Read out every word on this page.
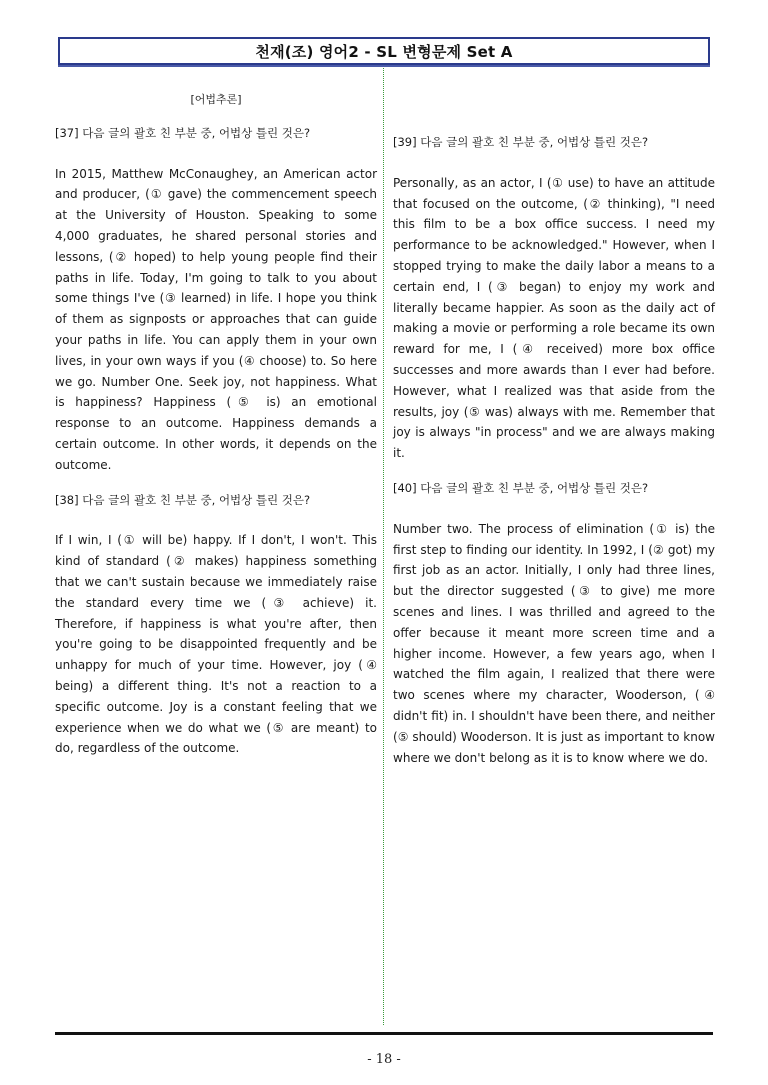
천재(조) 영어2 - SL 변형문제 Set A
[어법추론]
[37] 다음 글의 괄호 친 부분 중, 어법상 틀린 것은?
In 2015, Matthew McConaughey, an American actor and producer, (① gave) the commencement speech at the University of Houston. Speaking to some 4,000 graduates, he shared personal stories and lessons, (② hoped) to help young people find their paths in life. Today, I'm going to talk to you about some things I've (③ learned) in life. I hope you think of them as signposts or approaches that can guide your paths in life. You can apply them in your own lives, in your own ways if you (④ choose) to. So here we go. Number One. Seek joy, not happiness. What is happiness? Happiness (⑤ is) an emotional response to an outcome. Happiness demands a certain outcome. In other words, it depends on the outcome.
[38] 다음 글의 괄호 친 부분 중, 어법상 틀린 것은?
If I win, I (① will be) happy. If I don't, I won't. This kind of standard (② makes) happiness something that we can't sustain because we immediately raise the standard every time we (③ achieve) it. Therefore, if happiness is what you're after, then you're going to be disappointed frequently and be unhappy for much of your time. However, joy (④ being) a different thing. It's not a reaction to a specific outcome. Joy is a constant feeling that we experience when we do what we (⑤ are meant) to do, regardless of the outcome.
[39] 다음 글의 괄호 친 부분 중, 어법상 틀린 것은?
Personally, as an actor, I (① use) to have an attitude that focused on the outcome, (② thinking), "I need this film to be a box office success. I need my performance to be acknowledged." However, when I stopped trying to make the daily labor a means to a certain end, I (③ began) to enjoy my work and literally became happier. As soon as the daily act of making a movie or performing a role became its own reward for me, I (④ received) more box office successes and more awards than I ever had before. However, what I realized was that aside from the results, joy (⑤ was) always with me. Remember that joy is always "in process" and we are always making it.
[40] 다음 글의 괄호 친 부분 중, 어법상 틀린 것은?
Number two. The process of elimination (① is) the first step to finding our identity. In 1992, I (② got) my first job as an actor. Initially, I only had three lines, but the director suggested (③ to give) me more scenes and lines. I was thrilled and agreed to the offer because it meant more screen time and a higher income. However, a few years ago, when I watched the film again, I realized that there were two scenes where my character, Wooderson, (④ didn't fit) in. I shouldn't have been there, and neither (⑤ should) Wooderson. It is just as important to know where we don't belong as it is to know where we do.
- 18 -
